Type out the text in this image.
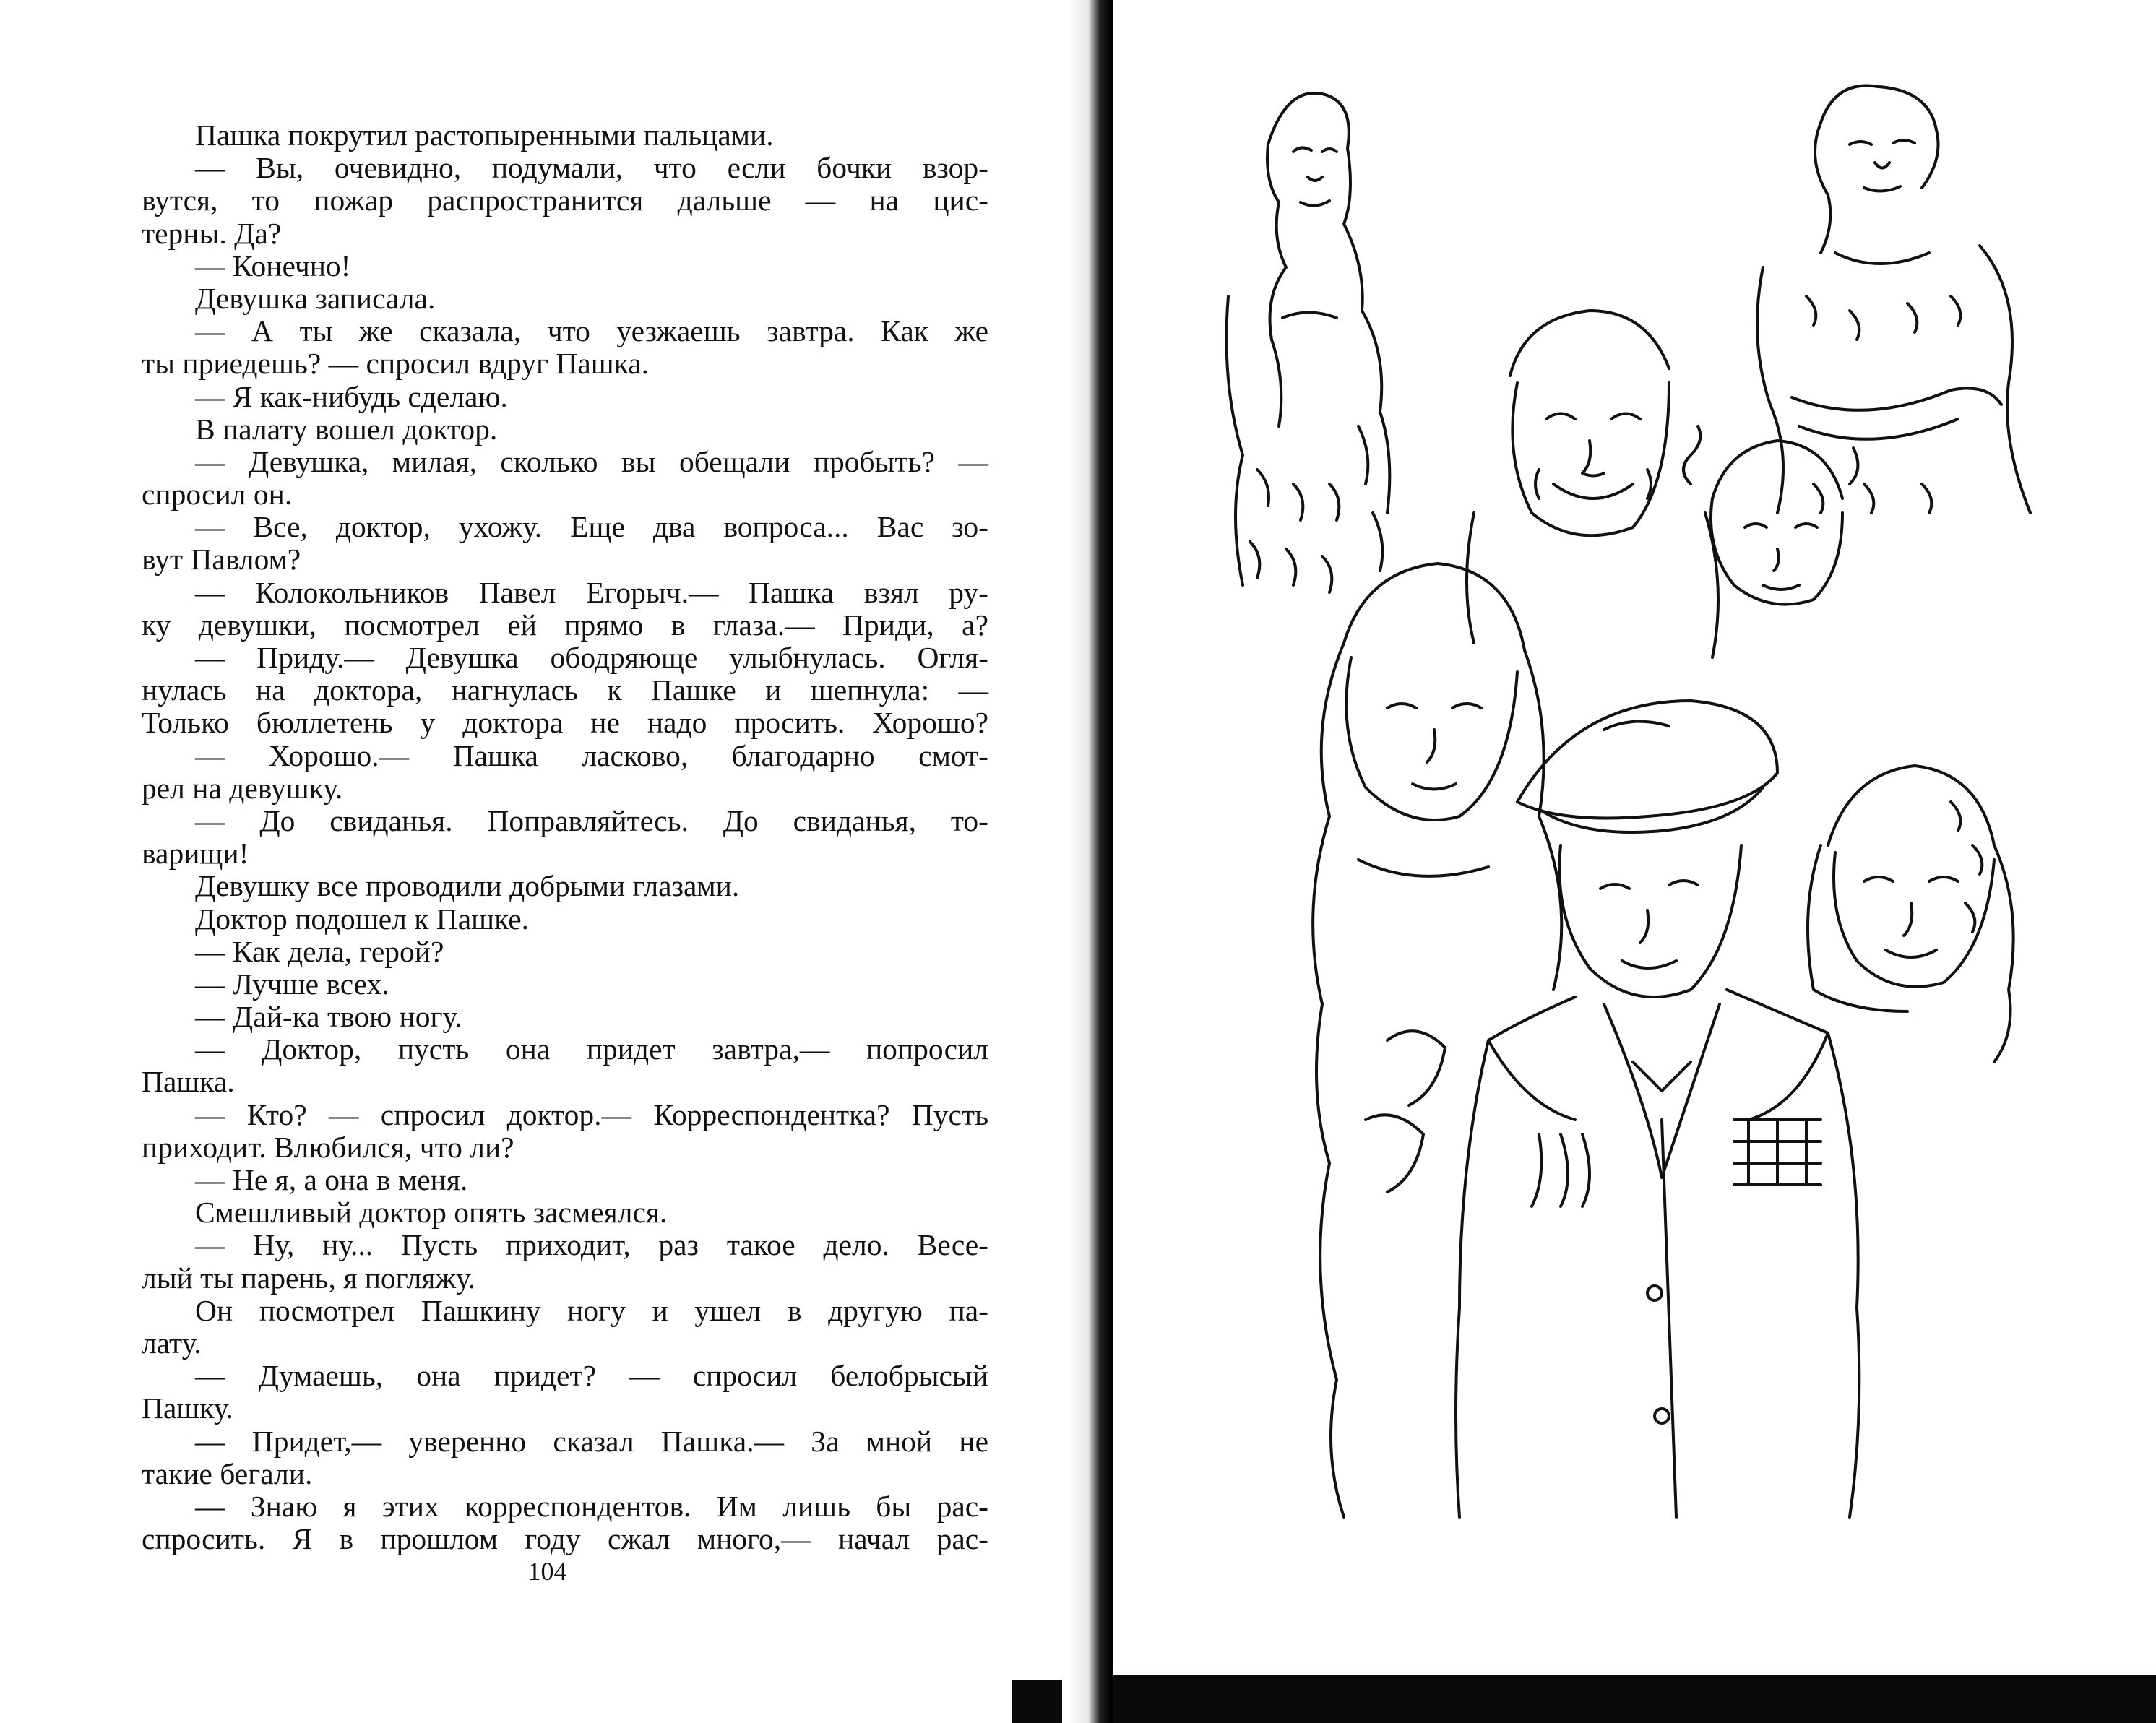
Пашка покрутил растопыренными пальцами.
— Вы, очевидно, подумали, что если бочки взор-
вутся, то пожар распространится дальше — на цис-
терны. Да?
— Конечно!
Девушка записала.
— А ты же сказала, что уезжаешь завтра. Как же
ты приедешь? — спросил вдруг Пашка.
— Я как-нибудь сделаю.
В палату вошел доктор.
— Девушка, милая, сколько вы обещали пробыть? —
спросил он.
— Все, доктор, ухожу. Еще два вопроса... Вас зо-
вут Павлом?
— Колокольников Павел Егорыч.— Пашка взял ру-
ку девушки, посмотрел ей прямо в глаза.— Приди, а?
— Приду.— Девушка ободряюще улыбнулась. Огля-
нулась на доктора, нагнулась к Пашке и шепнула: —
Только бюллетень у доктора не надо просить. Хорошо?
— Хорошо.— Пашка ласково, благодарно смот-
рел на девушку.
— До свиданья. Поправляйтесь. До свиданья, то-
варищи!
Девушку все проводили добрыми глазами.
Доктор подошел к Пашке.
— Как дела, герой?
— Лучше всех.
— Дай-ка твою ногу.
— Доктор, пусть она придет завтра,— попросил
Пашка.
— Кто? — спросил доктор.— Корреспондентка? Пусть
приходит. Влюбился, что ли?
— Не я, а она в меня.
Смешливый доктор опять засмеялся.
— Ну, ну... Пусть приходит, раз такое дело. Весе-
лый ты парень, я погляжу.
Он посмотрел Пашкину ногу и ушел в другую па-
лату.
— Думаешь, она придет? — спросил белобрысый
Пашку.
— Придет,— уверенно сказал Пашка.— За мной не
такие бегали.
— Знаю я этих корреспондентов. Им лишь бы рас-
спросить. Я в прошлом году сжал много,— начал рас-
104
